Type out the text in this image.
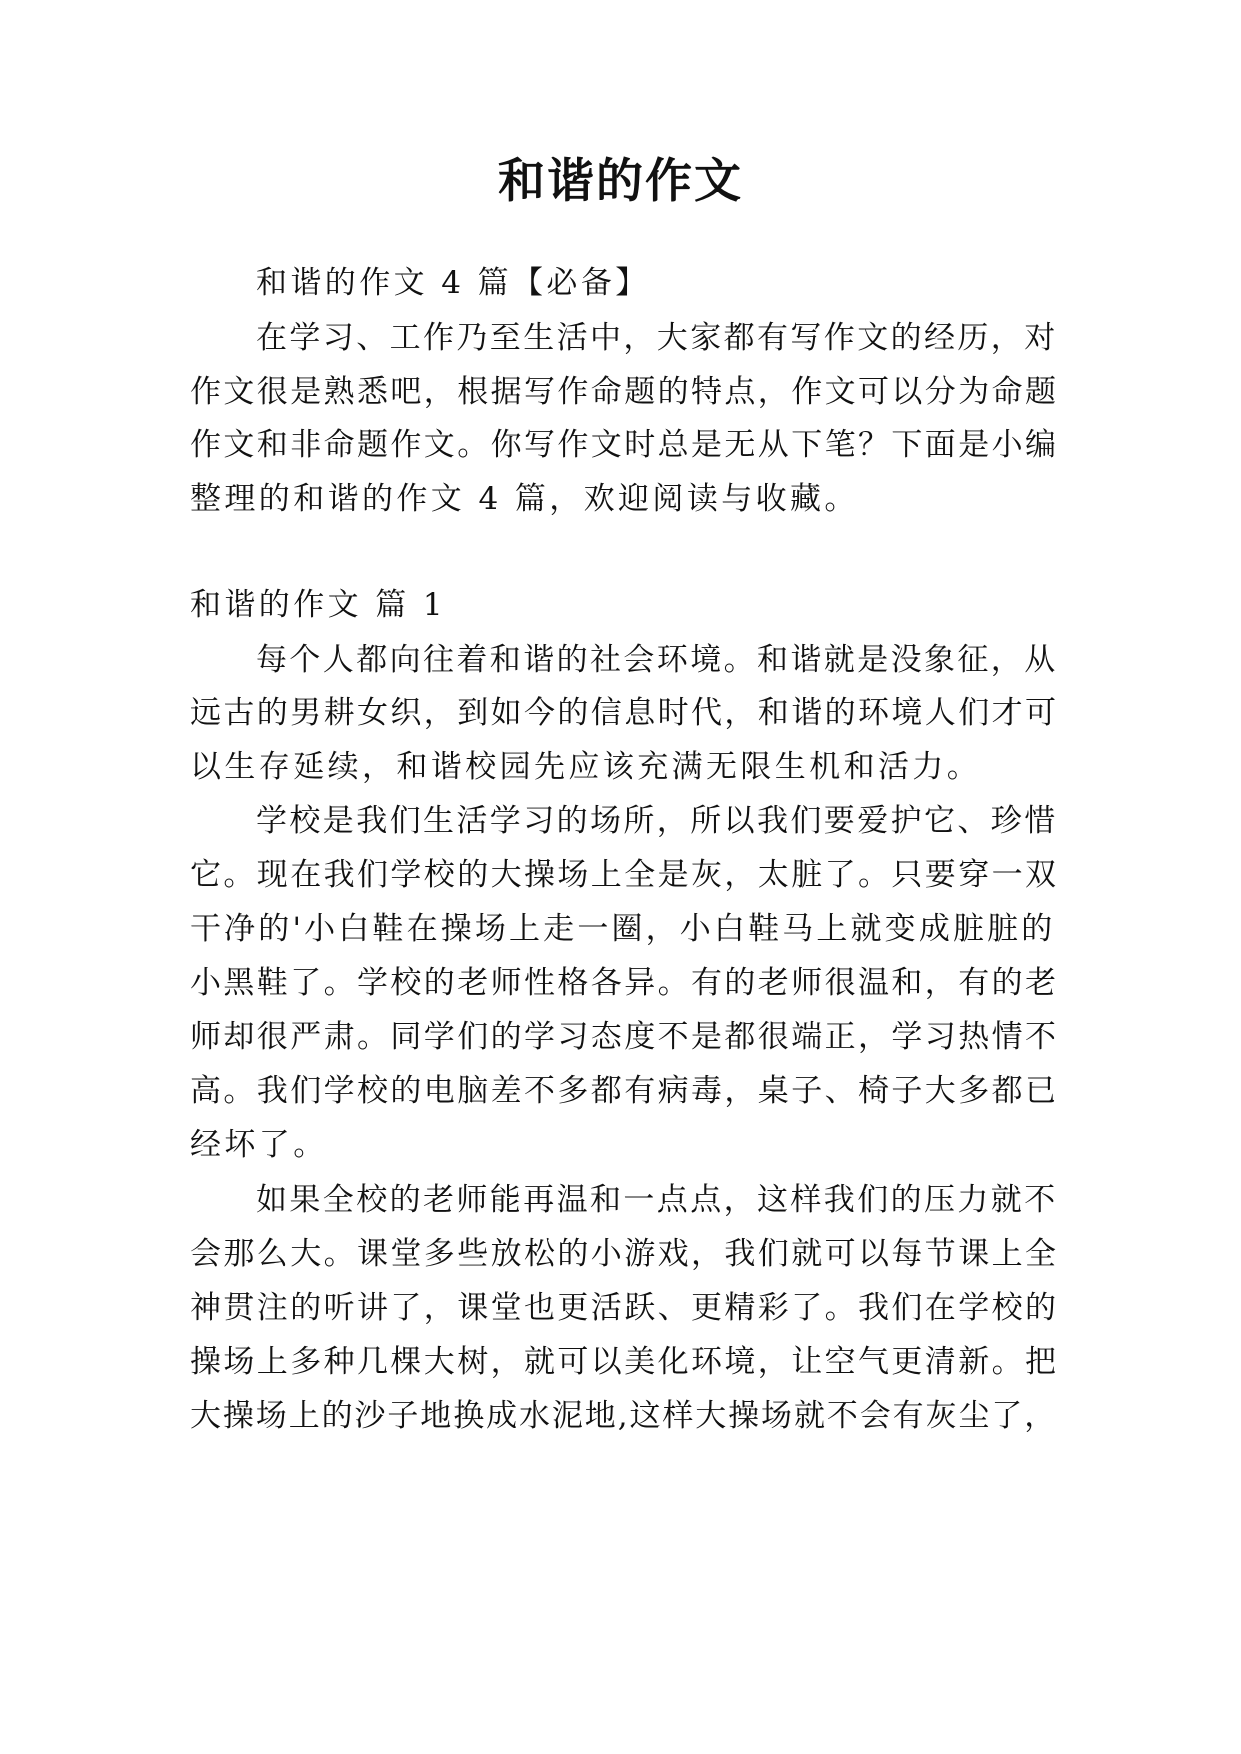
和谐的作文
和谐的作文 4 篇【必备】
在学习、工作乃至生活中，大家都有写作文的经历，对
作文很是熟悉吧，根据写作命题的特点，作文可以分为命题
作文和非命题作文。你写作文时总是无从下笔？下面是小编
整理的和谐的作文 4 篇，欢迎阅读与收藏。
和谐的作文 篇 1
每个人都向往着和谐的社会环境。和谐就是没象征，从
远古的男耕女织，到如今的信息时代，和谐的环境人们才可
以生存延续，和谐校园先应该充满无限生机和活力。
学校是我们生活学习的场所，所以我们要爱护它、珍惜
它。现在我们学校的大操场上全是灰，太脏了。只要穿一双
干净的'小白鞋在操场上走一圈，小白鞋马上就变成脏脏的
小黑鞋了。学校的老师性格各异。有的老师很温和，有的老
师却很严肃。同学们的学习态度不是都很端正，学习热情不
高。我们学校的电脑差不多都有病毒，桌子、椅子大多都已
经坏了。
如果全校的老师能再温和一点点，这样我们的压力就不
会那么大。课堂多些放松的小游戏，我们就可以每节课上全
神贯注的听讲了，课堂也更活跃、更精彩了。我们在学校的
操场上多种几棵大树，就可以美化环境，让空气更清新。把
大操场上的沙子地换成水泥地,这样大操场就不会有灰尘了，
